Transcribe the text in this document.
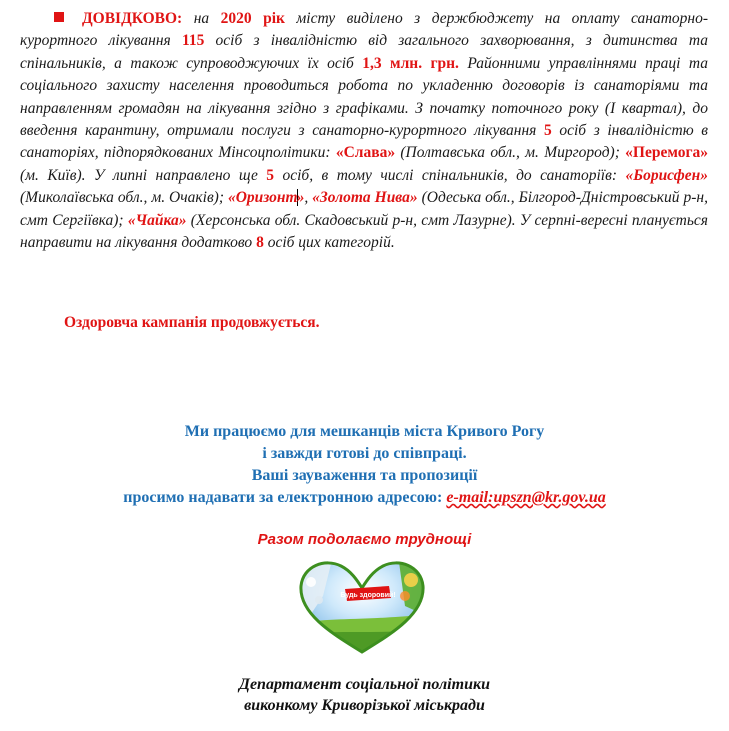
ДОВІДКОВО: на 2020 рік місту виділено з держбюджету на оплату санаторно-курортного лікування 115 осіб з інвалідністю від загального захворювання, з дитинства та спінальників, а також супроводжуючих їх осіб 1,3 млн. грн. Районними управліннями праці та соціального захисту населення проводиться робота по укладенню договорів із санаторіями та направленням громадян на лікування згідно з графіками. З початку поточного року (I квартал), до введення карантину, отримали послуги з санаторно-курортного лікування 5 осіб з інвалідністю в санаторіях, підпорядкованих Мінсоцполітики: «Слава» (Полтавська обл., м. Миргород); «Перемога» (м. Київ). У липні направлено ще 5 осіб, в тому числі спінальників, до санаторіїв: «Борисфен» (Миколаївська обл., м. Очаків); «Оризонт», «Золота Нива» (Одеська обл., Білгород-Дністровський р-н, смт Сергіївка); «Чайка» (Херсонська обл. Скадовський р-н, смт Лазурне). У серпні-вересні планується направити на лікування додатково 8 осіб цих категорій.
Оздоровча кампанія продовжується.
Ми працюємо для мешканців міста Кривого Рогу
і завжди готові до співпраці.
Ваші зауваження та пропозиції
просимо надавати за електронною адресою: e-mail:upszn@kr.gov.ua
Разом подолаємо труднощі
Будь здоровий!
Департамент соціальної політики
виконкому Криворізької міськради
